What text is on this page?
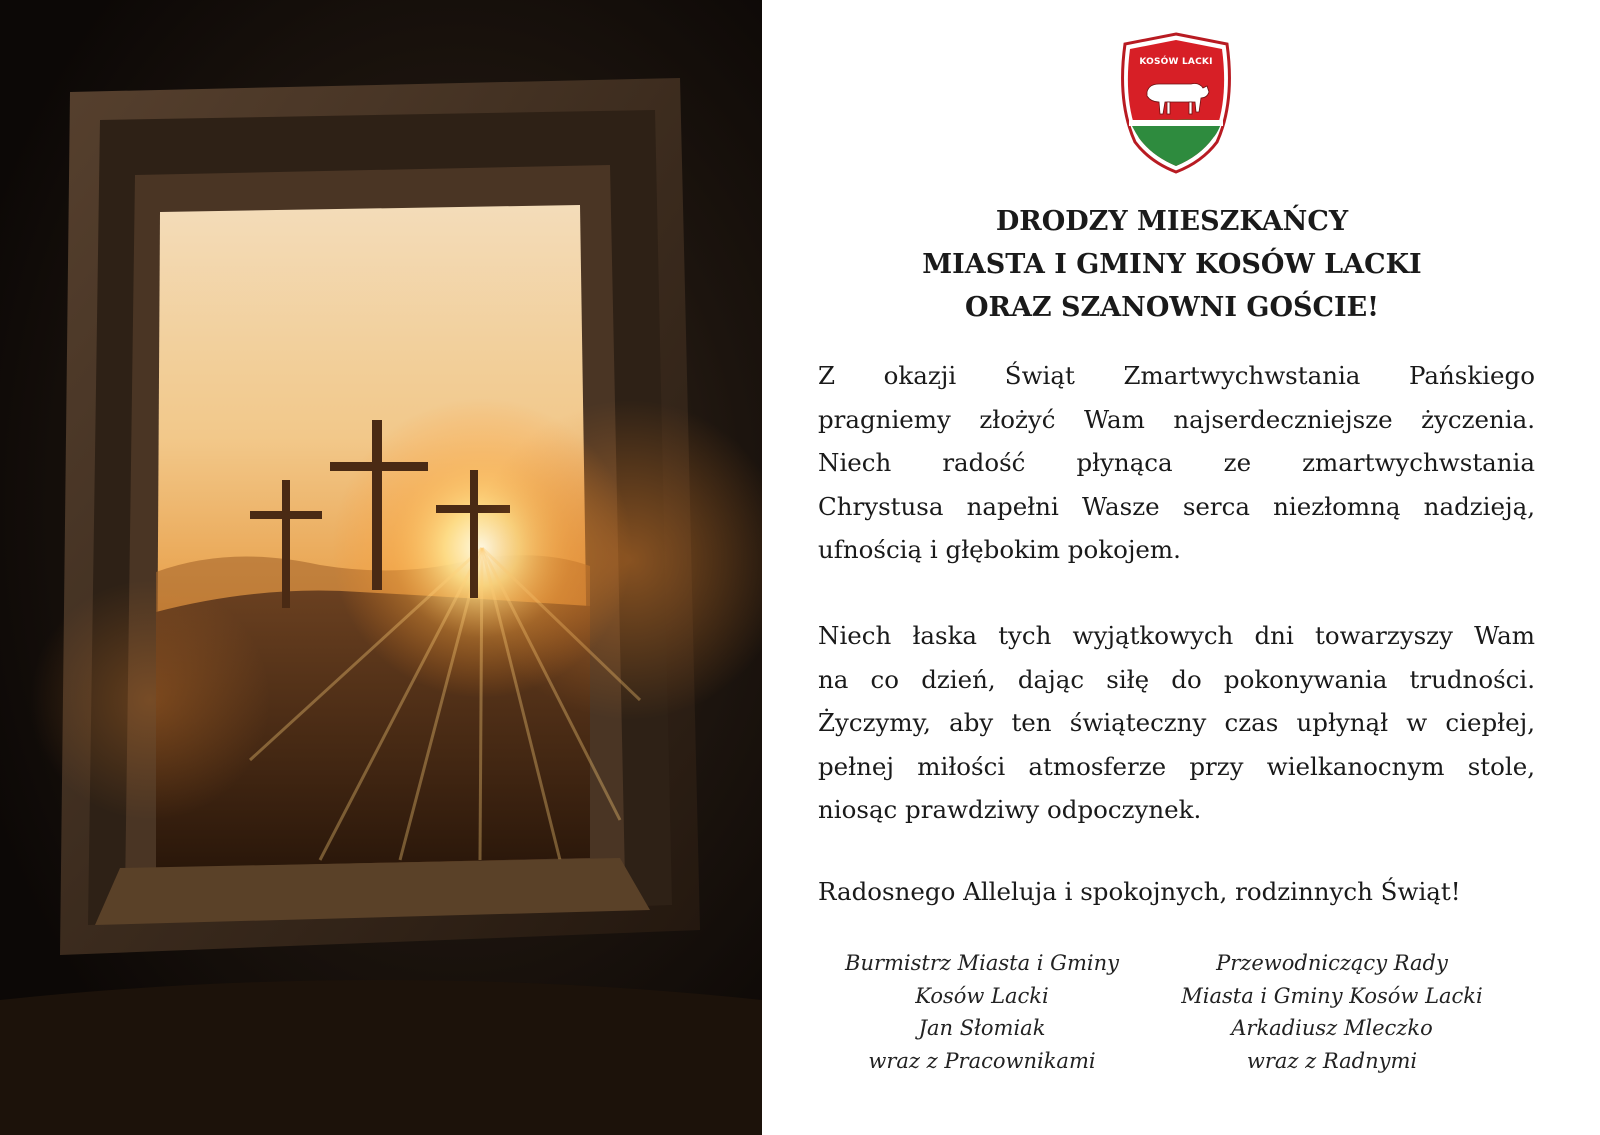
KOSÓW LACKI
DRODZY MIESZKAŃCY
MIASTA I GMINY KOSÓW LACKI
ORAZ SZANOWNI GOŚCIE!
Z okazji Świąt Zmartwychwstania Pańskiego
pragniemy złożyć Wam najserdeczniejsze życzenia.
Niech radość płynąca ze zmartwychwstania
Chrystusa napełni Wasze serca niezłomną nadzieją,
ufnością i głębokim pokojem.
Niech łaska tych wyjątkowych dni towarzyszy Wam
na co dzień, dając siłę do pokonywania trudności.
Życzymy, aby ten świąteczny czas upłynął w ciepłej,
pełnej miłości atmosferze przy wielkanocnym stole,
niosąc prawdziwy odpoczynek.
Radosnego Alleluja i spokojnych, rodzinnych Świąt!
Burmistrz Miasta i Gminy
Kosów Lacki
Jan Słomiak
wraz z Pracownikami
Przewodniczący Rady
Miasta i Gminy Kosów Lacki
Arkadiusz Mleczko
wraz z Radnymi
